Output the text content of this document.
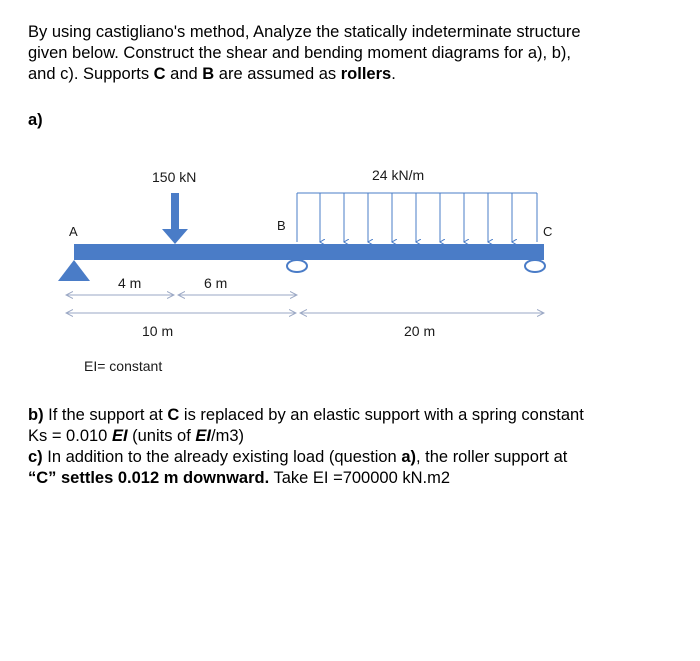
By using castigliano's method, Analyze the statically indeterminate structure
given below. Construct the shear and bending moment diagrams for a), b),
and c). Supports C and B are assumed as rollers.

a)

150 kN	24 kN/m
A	B	C
4 m	6 m
10 m	20 m
EI= constant

b) If the support at C is replaced by an elastic support with a spring constant
Ks = 0.010 EI (units of EI/m3)
c) In addition to the already existing load (question a), the roller support at
“C” settles 0.012 m downward. Take EI =700000 kN.m2
